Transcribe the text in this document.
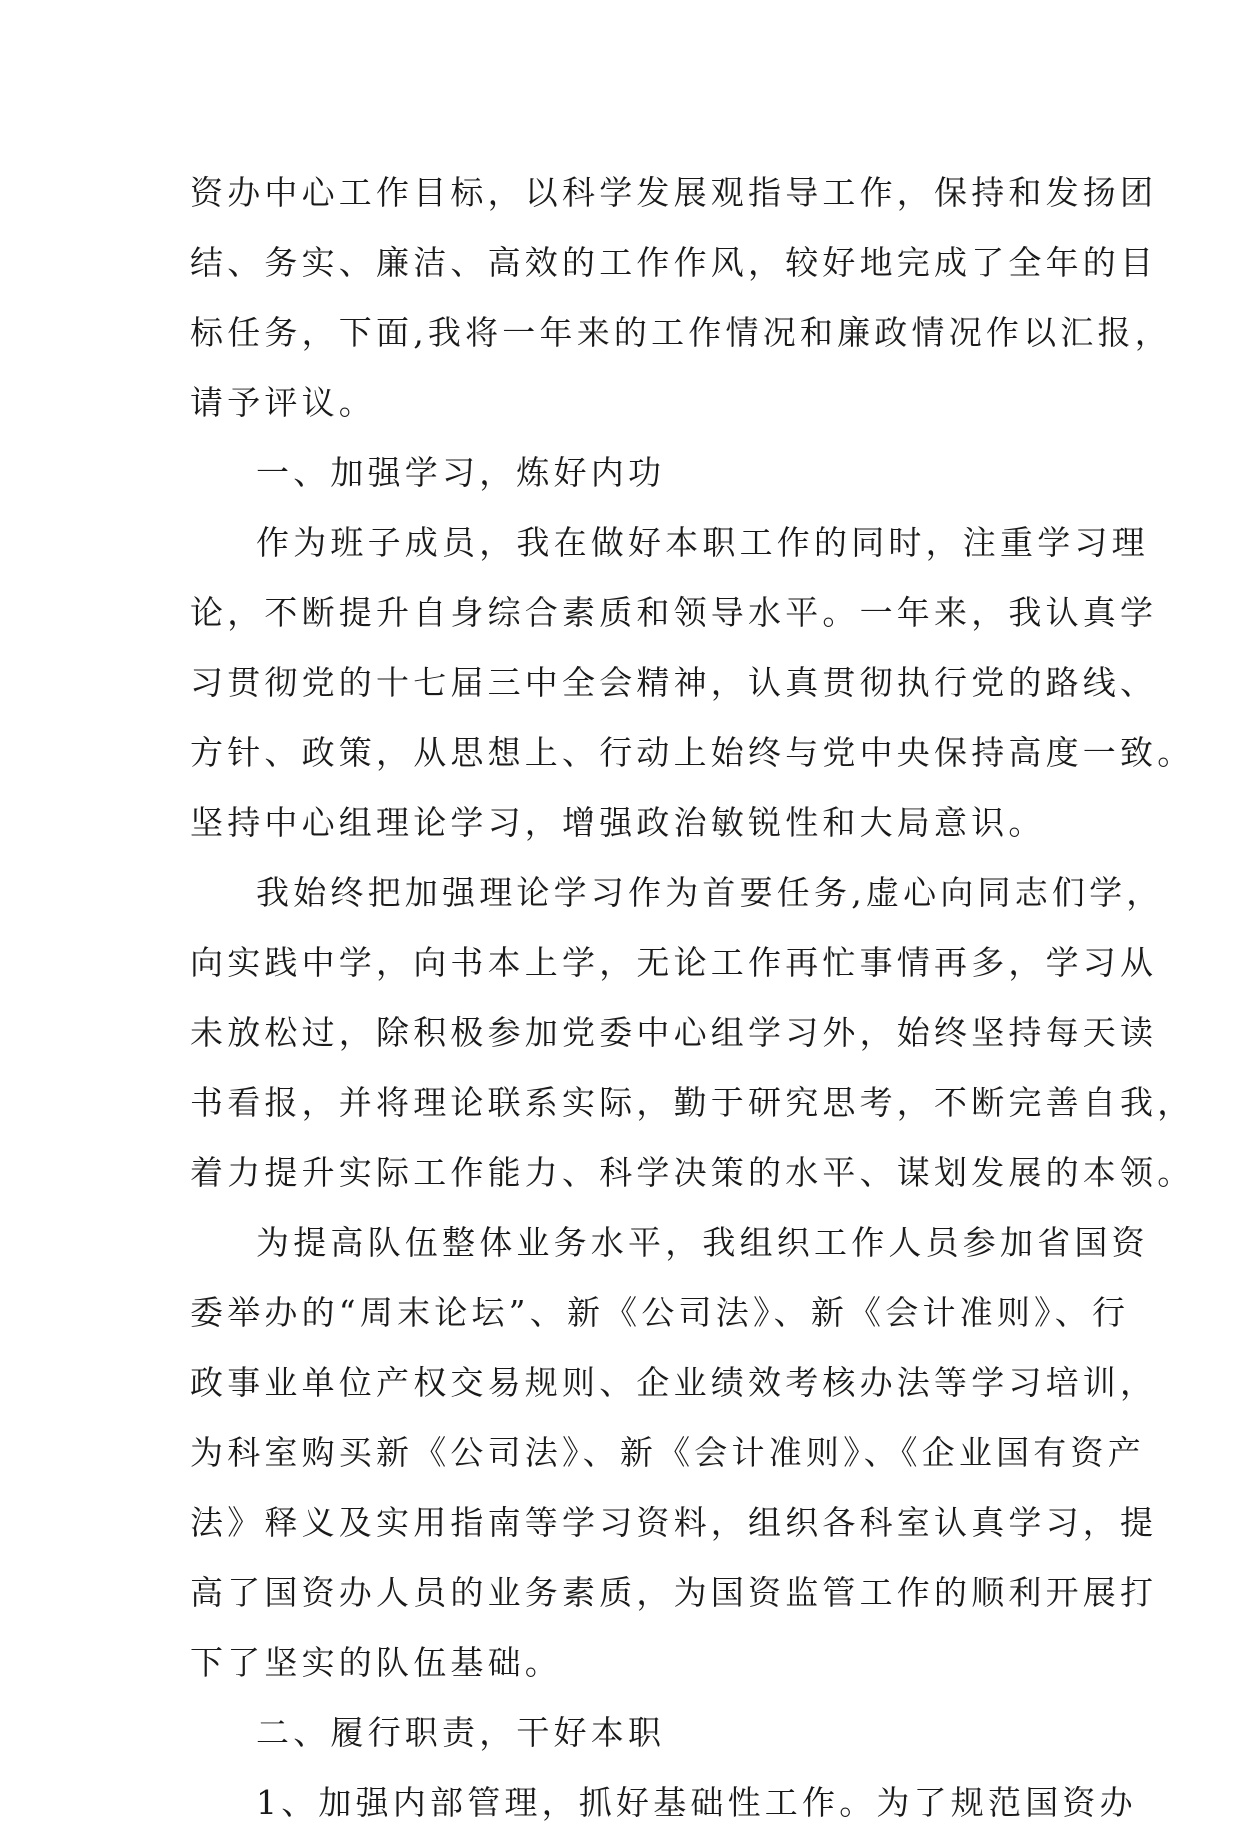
资办中心工作目标，以科学发展观指导工作，保持和发扬团
结、务实、廉洁、高效的工作作风，较好地完成了全年的目
标任务，下面,我将一年来的工作情况和廉政情况作以汇报，
请予评议。
一、加强学习，炼好内功
作为班子成员，我在做好本职工作的同时，注重学习理
论，不断提升自身综合素质和领导水平。一年来，我认真学
习贯彻党的十七届三中全会精神，认真贯彻执行党的路线、
方针、政策，从思想上、行动上始终与党中央保持高度一致。
坚持中心组理论学习，增强政治敏锐性和大局意识。
我始终把加强理论学习作为首要任务,虚心向同志们学，
向实践中学，向书本上学，无论工作再忙事情再多，学习从
未放松过，除积极参加党委中心组学习外，始终坚持每天读
书看报，并将理论联系实际，勤于研究思考，不断完善自我，
着力提升实际工作能力、科学决策的水平、谋划发展的本领。
为提高队伍整体业务水平，我组织工作人员参加省国资
委举办的“周末论坛”、新《公司法》、新《会计准则》、行
政事业单位产权交易规则、企业绩效考核办法等学习培训，
为科室购买新《公司法》、新《会计准则》、《企业国有资产
法》释义及实用指南等学习资料，组织各科室认真学习，提
高了国资办人员的业务素质，为国资监管工作的顺利开展打
下了坚实的队伍基础。
二、履行职责，干好本职
1、加强内部管理，抓好基础性工作。为了规范国资办
